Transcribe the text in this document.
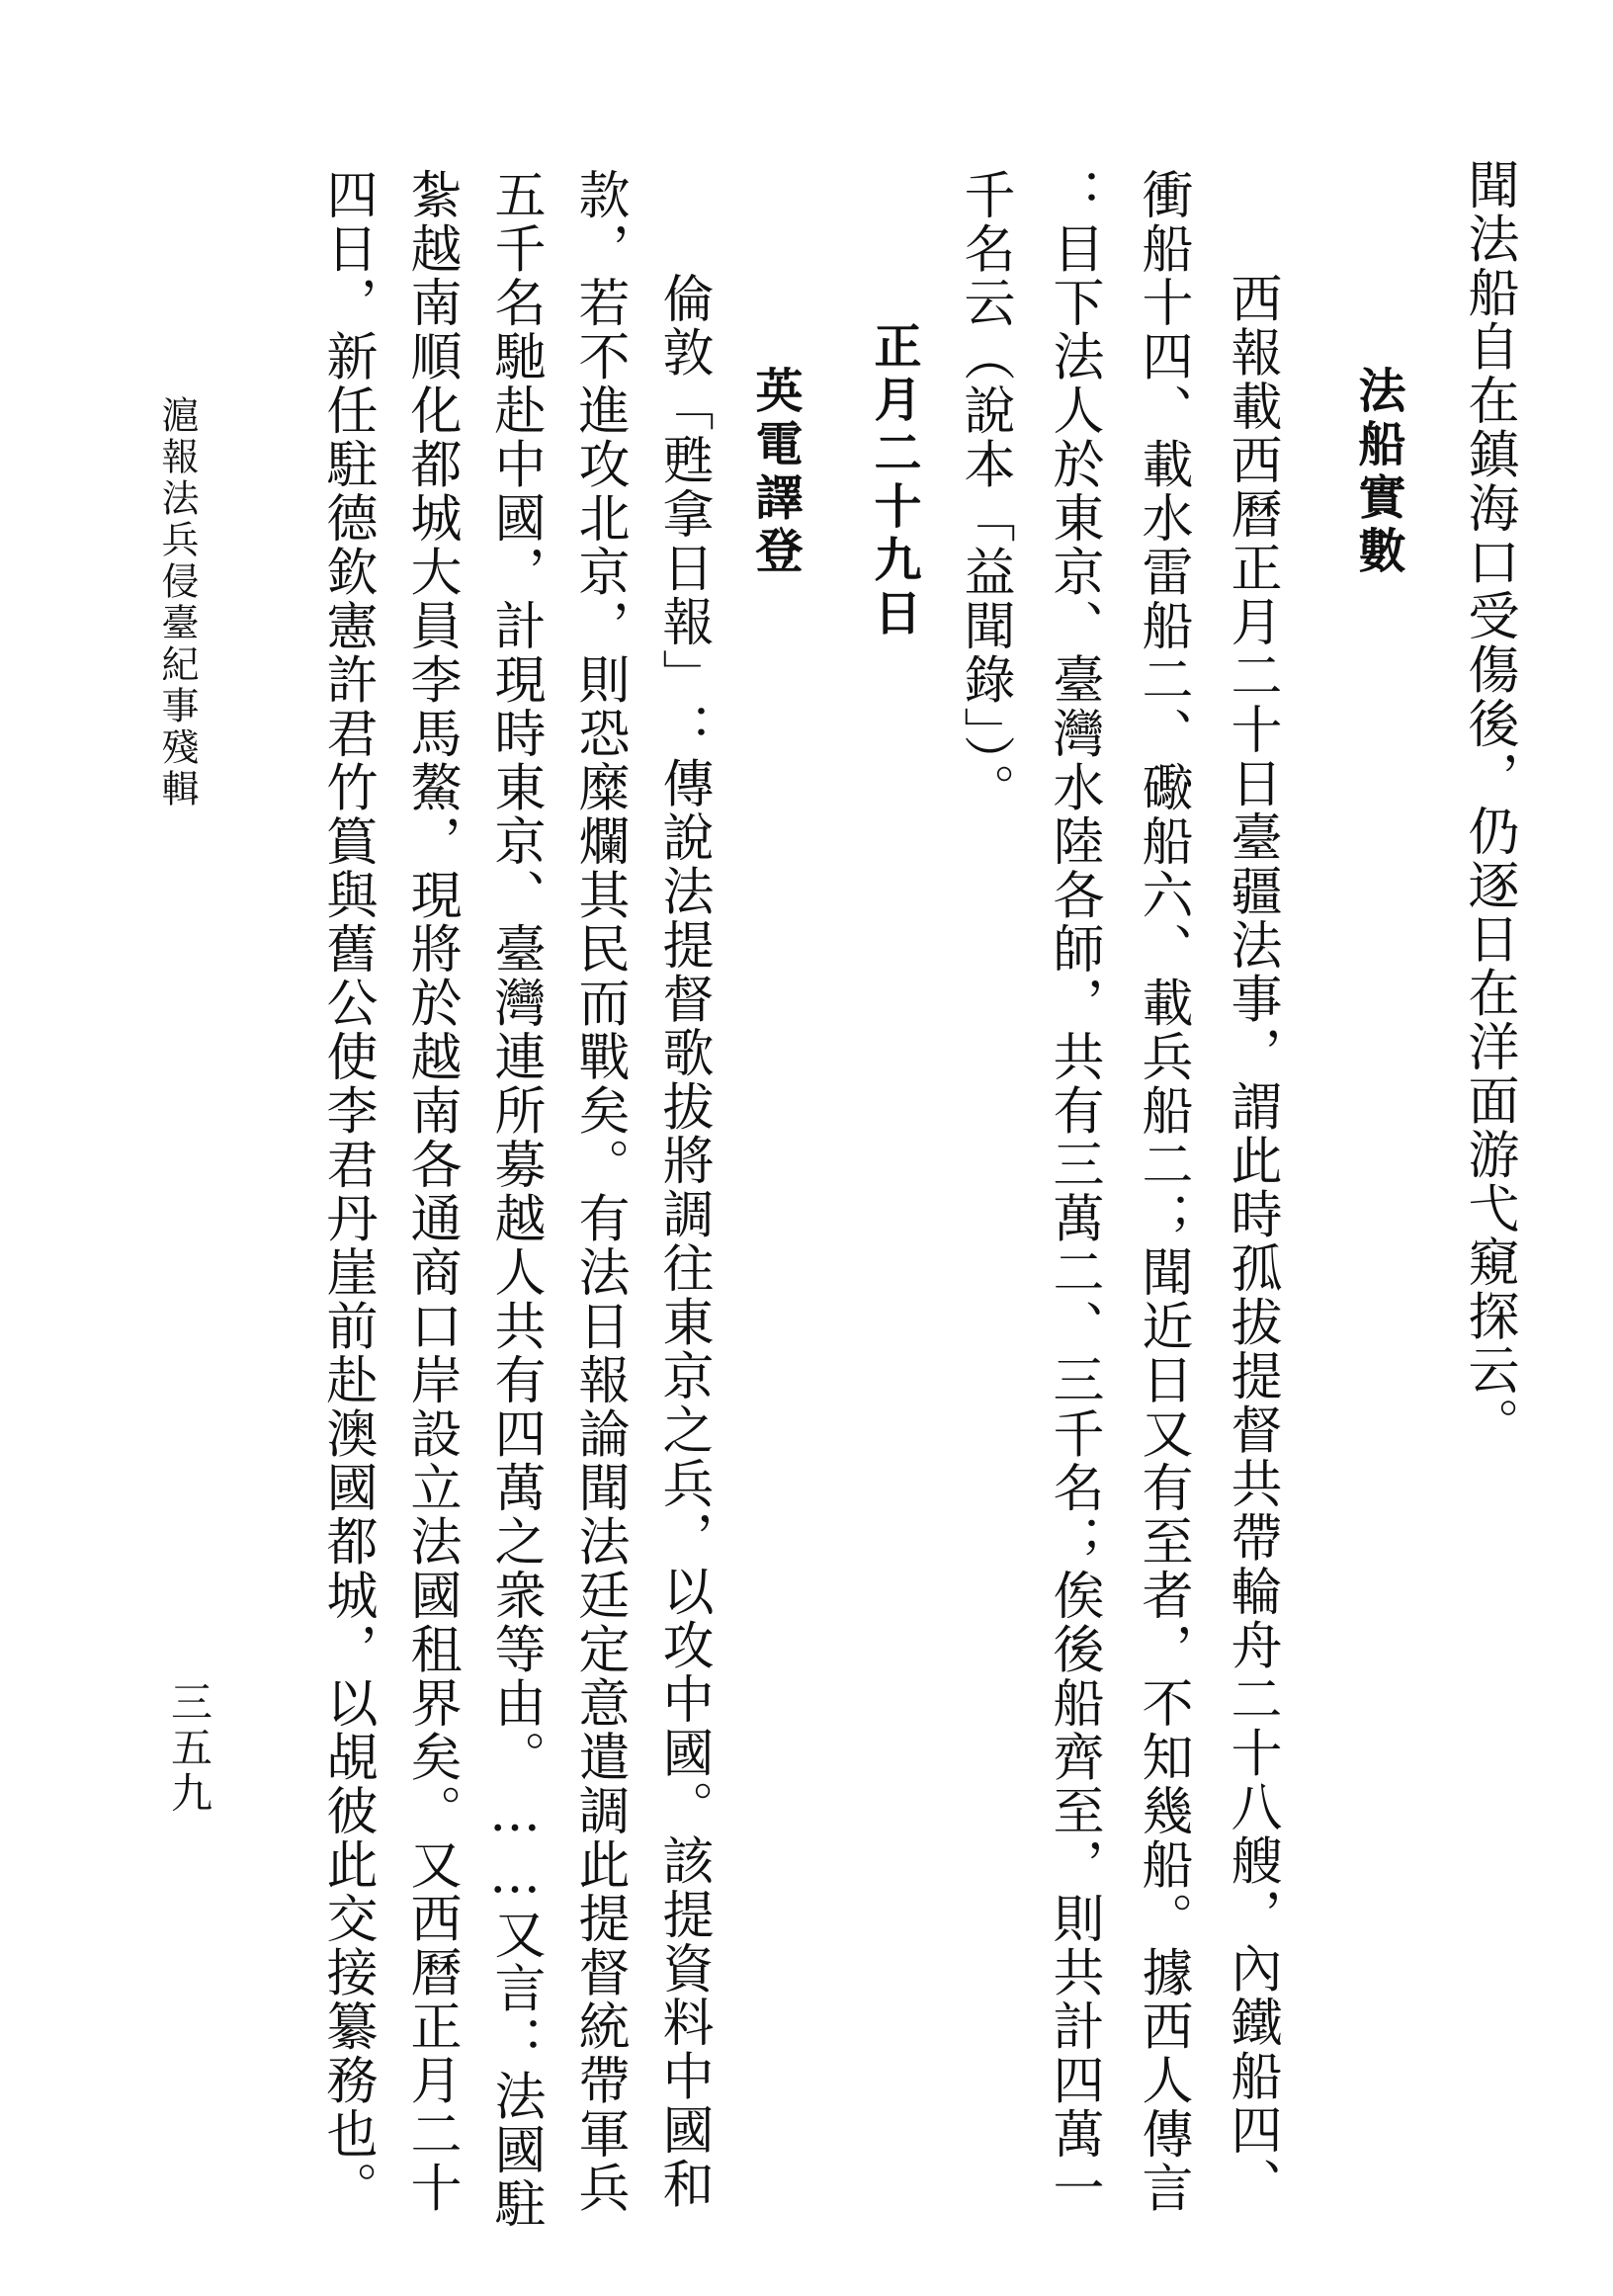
聞法船自在鎮海口受傷後，仍逐日在洋面游弋窺探云。
法船實數
西報載西曆正月二十日臺疆法事，謂此時孤拔提督共帶輪舟二十八艘，內鐵船四、
衝船十四、載水雷船二、礮船六、載兵船二；聞近日又有至者，不知幾船。據西人傳言
：目下法人於東京、臺灣水陸各師，共有三萬二、三千名；俟後船齊至，則共計四萬一
千名云（說本「益聞錄」）。
正月二十九日
英電譯登
倫敦「甦拿日報」：傳說法提督歌拔將調往東京之兵，以攻中國。該提資料中國和
款，若不進攻北京，則恐糜爛其民而戰矣。有法日報論聞法廷定意遣調此提督統帶軍兵
五千名馳赴中國，計現時東京、臺灣連所募越人共有四萬之衆等由。……又言：法國駐
紮越南順化都城大員李馬鰲，現將於越南各通商口岸設立法國租界矣。又西曆正月二十
四日，新任駐德欽憲許君竹篔與舊公使李君丹崖前赴澳國都城，以覘彼此交接纂務也。
滬報法兵侵臺紀事殘輯
三五九
